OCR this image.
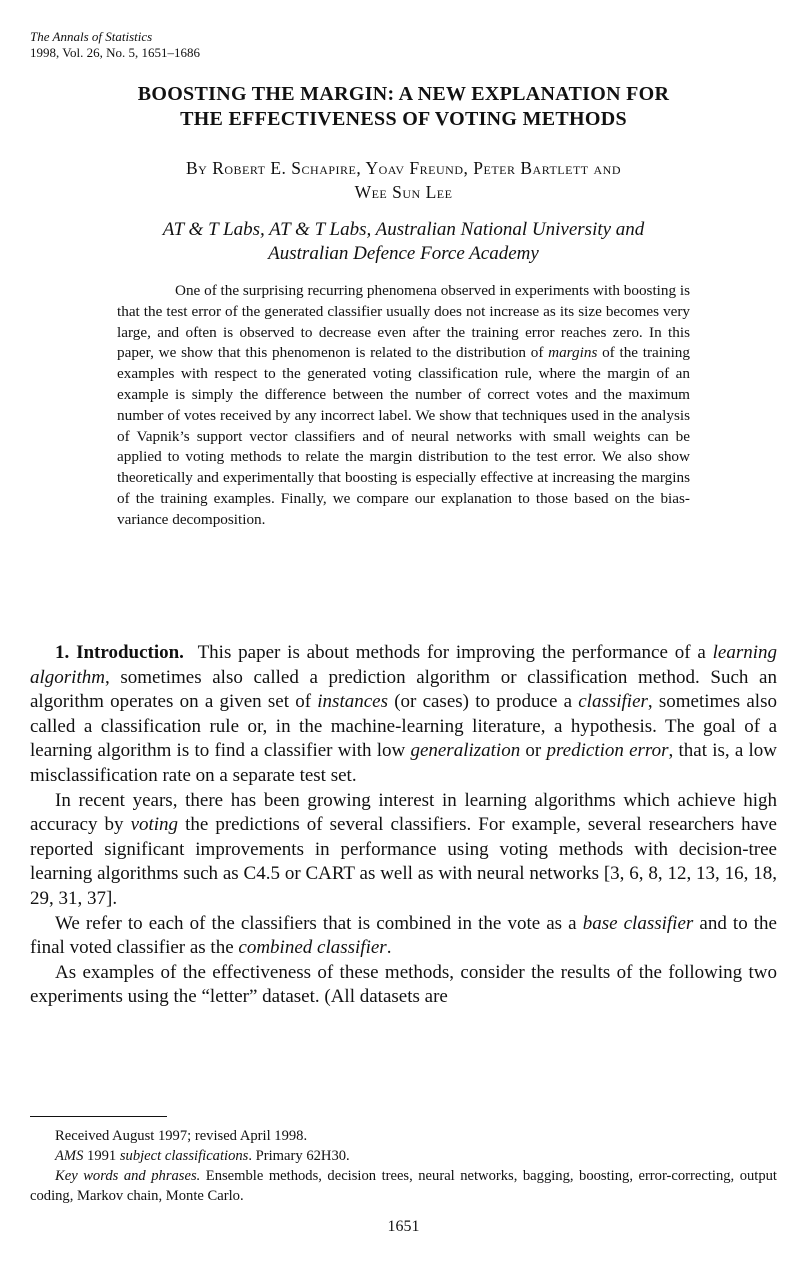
The Annals of Statistics
1998, Vol. 26, No. 5, 1651–1686
BOOSTING THE MARGIN: A NEW EXPLANATION FOR
THE EFFECTIVENESS OF VOTING METHODS
By Robert E. Schapire, Yoav Freund, Peter Bartlett and
Wee Sun Lee
AT & T Labs, AT & T Labs, Australian National University and
Australian Defence Force Academy
One of the surprising recurring phenomena observed in experiments with boosting is that the test error of the generated classifier usually does not increase as its size becomes very large, and often is observed to decrease even after the training error reaches zero. In this paper, we show that this phenomenon is related to the distribution of margins of the training examples with respect to the generated voting classification rule, where the margin of an example is simply the difference between the number of correct votes and the maximum number of votes received by any incorrect label. We show that techniques used in the analysis of Vapnik’s support vector classifiers and of neural networks with small weights can be applied to voting methods to relate the margin distribution to the test error. We also show theoretically and experimentally that boosting is especially effective at increasing the margins of the training examples. Finally, we compare our explanation to those based on the bias-variance decomposition.

1. Introduction. This paper is about methods for improving the performance of a learning algorithm, sometimes also called a prediction algorithm or classification method. Such an algorithm operates on a given set of instances (or cases) to produce a classifier, sometimes also called a classification rule or, in the machine-learning literature, a hypothesis. The goal of a learning algorithm is to find a classifier with low generalization or prediction error, that is, a low misclassification rate on a separate test set.

In recent years, there has been growing interest in learning algorithms which achieve high accuracy by voting the predictions of several classifiers. For example, several researchers have reported significant improvements in performance using voting methods with decision-tree learning algorithms such as C4.5 or CART as well as with neural networks [3, 6, 8, 12, 13, 16, 18, 29, 31, 37].

We refer to each of the classifiers that is combined in the vote as a base classifier and to the final voted classifier as the combined classifier.

As examples of the effectiveness of these methods, consider the results of the following two experiments using the “letter” dataset. (All datasets are

Received August 1997; revised April 1998.

AMS 1991 subject classifications. Primary 62H30.

Key words and phrases. Ensemble methods, decision trees, neural networks, bagging, boosting, error-correcting, output coding, Markov chain, Monte Carlo.

1651
